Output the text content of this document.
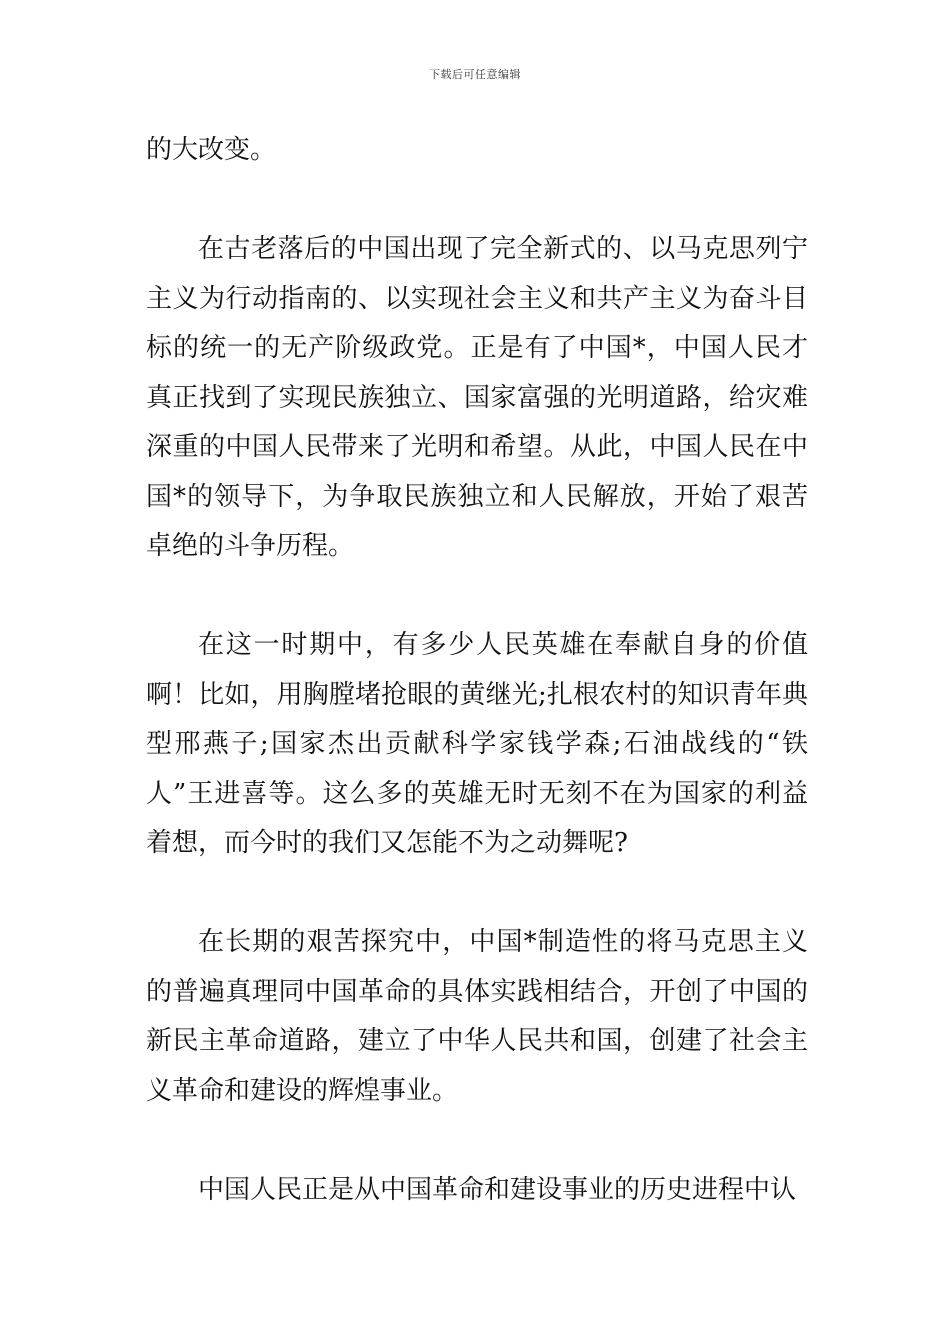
下载后可任意编辑

的大改变。

在古老落后的中国出现了完全新式的、以马克思列宁主义为行动指南的、以实现社会主义和共产主义为奋斗目标的统一的无产阶级政党。正是有了中国*，中国人民才真正找到了实现民族独立、国家富强的光明道路，给灾难深重的中国人民带来了光明和希望。从此，中国人民在中国*的领导下，为争取民族独立和人民解放，开始了艰苦卓绝的斗争历程。

在这一时期中，有多少人民英雄在奉献自身的价值啊！比如，用胸膛堵抢眼的黄继光;扎根农村的知识青年典型邢燕子;国家杰出贡献科学家钱学森;石油战线的“铁人”王进喜等。这么多的英雄无时无刻不在为国家的利益着想，而今时的我们又怎能不为之动舞呢?

在长期的艰苦探究中，中国*制造性的将马克思主义的普遍真理同中国革命的具体实践相结合，开创了中国的新民主革命道路，建立了中华人民共和国，创建了社会主义革命和建设的辉煌事业。

中国人民正是从中国革命和建设事业的历史进程中认
